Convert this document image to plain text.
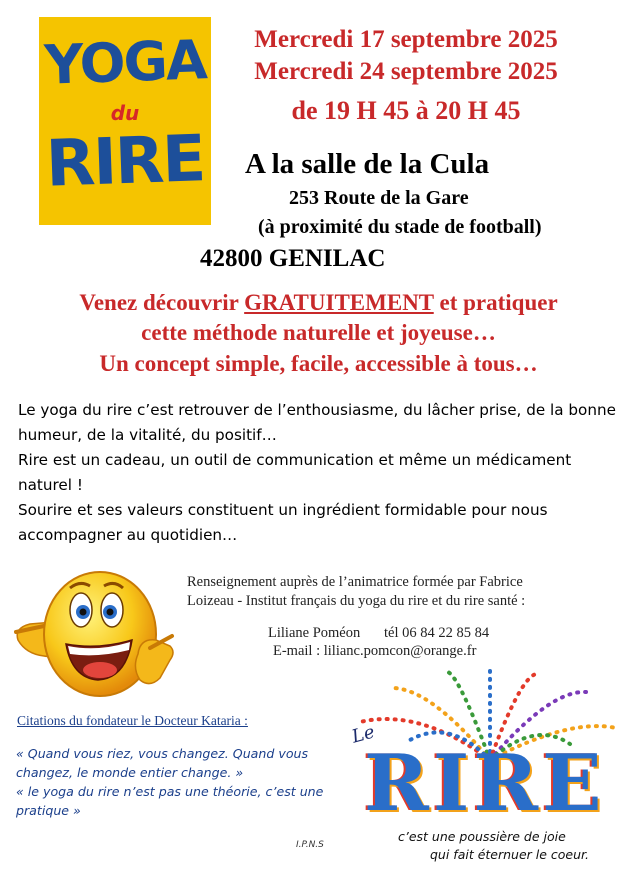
YOGA
du
RIRE
Mercredi 17 septembre 2025
Mercredi 24 septembre 2025
de 19 H 45 à 20 H 45
A la salle de la Cula
253 Route de la Gare
(à proximité du stade de football)
42800 GENILAC
Venez découvrir GRATUITEMENT et pratiquer
cette méthode naturelle et joyeuse…
Un concept simple, facile, accessible à tous…

Le yoga du rire c’est retrouver de l’enthousiasme, du lâcher prise, de la bonne humeur, de la vitalité, du positif…

Rire est un cadeau, un outil de communication et même un médicament naturel !

Sourire et ses valeurs constituent un ingrédient formidable pour nous accompagner au quotidien…

Renseignement auprès de l’animatrice formée par Fabrice
Loizeau - Institut français du yoga du rire et du rire santé :
Liliane Poméon tél 06 84 22 85 84
E-mail : lilianc.pomcon@orange.fr
Citations du fondateur le Docteur Kataria :

« Quand vous riez, vous changez. Quand vous changez, le monde entier change. »

« le yoga du rire n’est pas une théorie, c’est une pratique »

I.P.N.S
Le
RIRE
c’est une poussière de joie
qui fait éternuer le coeur.
